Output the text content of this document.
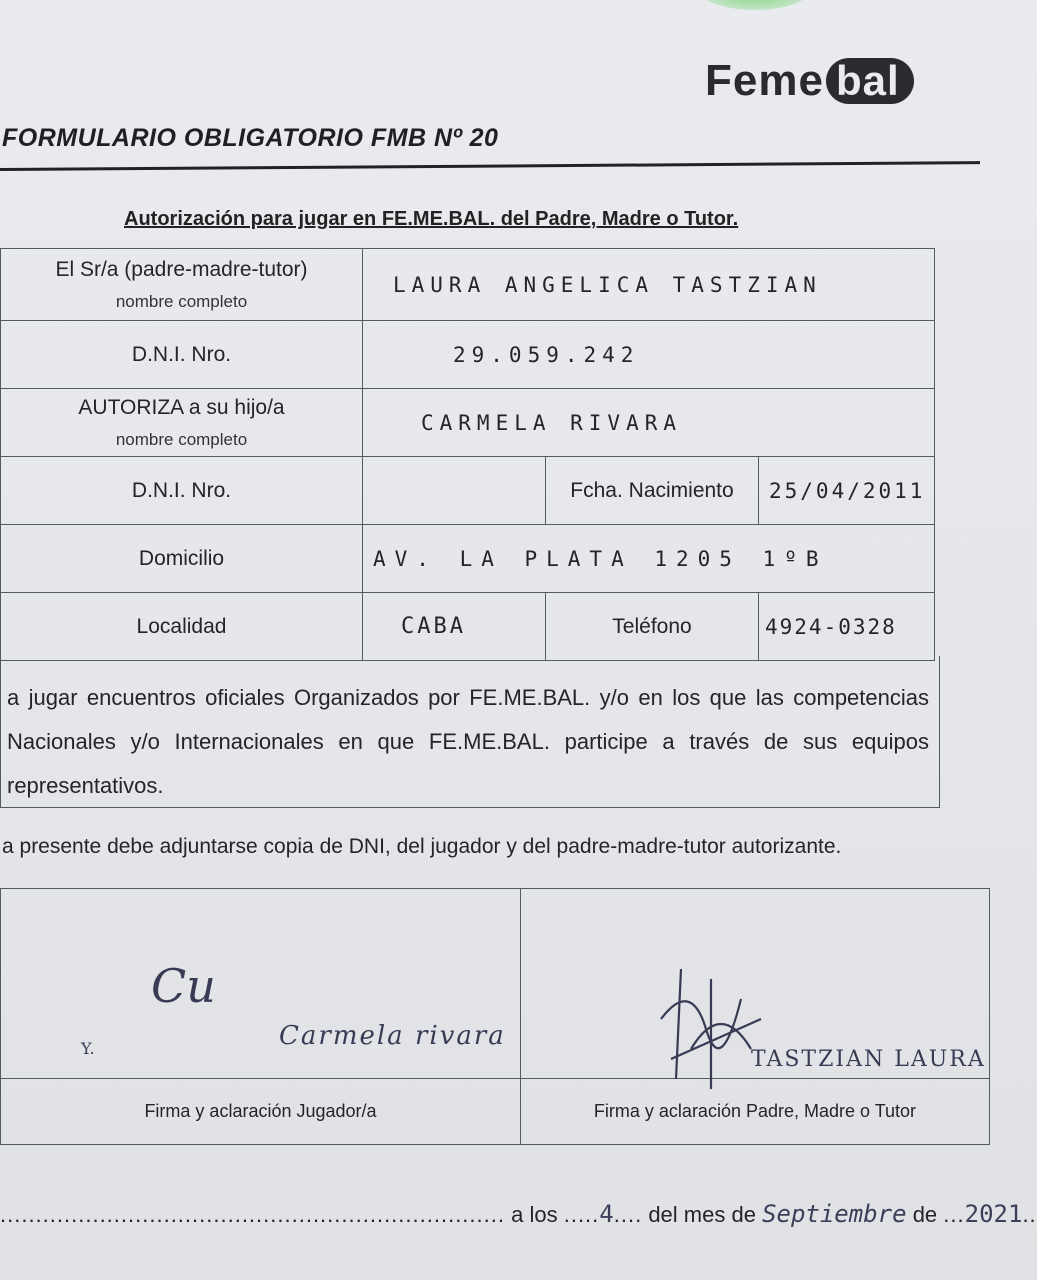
Feme bal
FORMULARIO OBLIGATORIO FMB Nº 20
Autorización para jugar en FE.ME.BAL. del Padre, Madre o Tutor.
El Sr/a (padre-madre-tutor)
nombre completo	LAURA ANGELICA TASTZIAN		
D.N.I. Nro.	29.059.242		

AUTORIZA a su hijo/a
nombre completo	CARMELA RIVARA		
D.N.I. Nro.		Fcha. Nacimiento	25/04/2011
Domicilio	AV. LA PLATA 1205 1ºB		
Localidad	CABA	Teléfono	4924-0328
a jugar encuentros oficiales Organizados por FE.ME.BAL. y/o en los que las competencias Nacionales y/o Internacionales en que FE.ME.BAL. participe a través de sus equipos representativos.
a presente debe adjuntarse copia de DNI, del jugador y del padre-madre-tutor autorizante.
Y.
Cu
Carmela rivara	TASTZIAN LAURA

Firma y aclaración Jugador/a	Firma y aclaración Padre, Madre o Tutor
....................................................................... a los .....4.... del mes de Septiembre de ...2021..
